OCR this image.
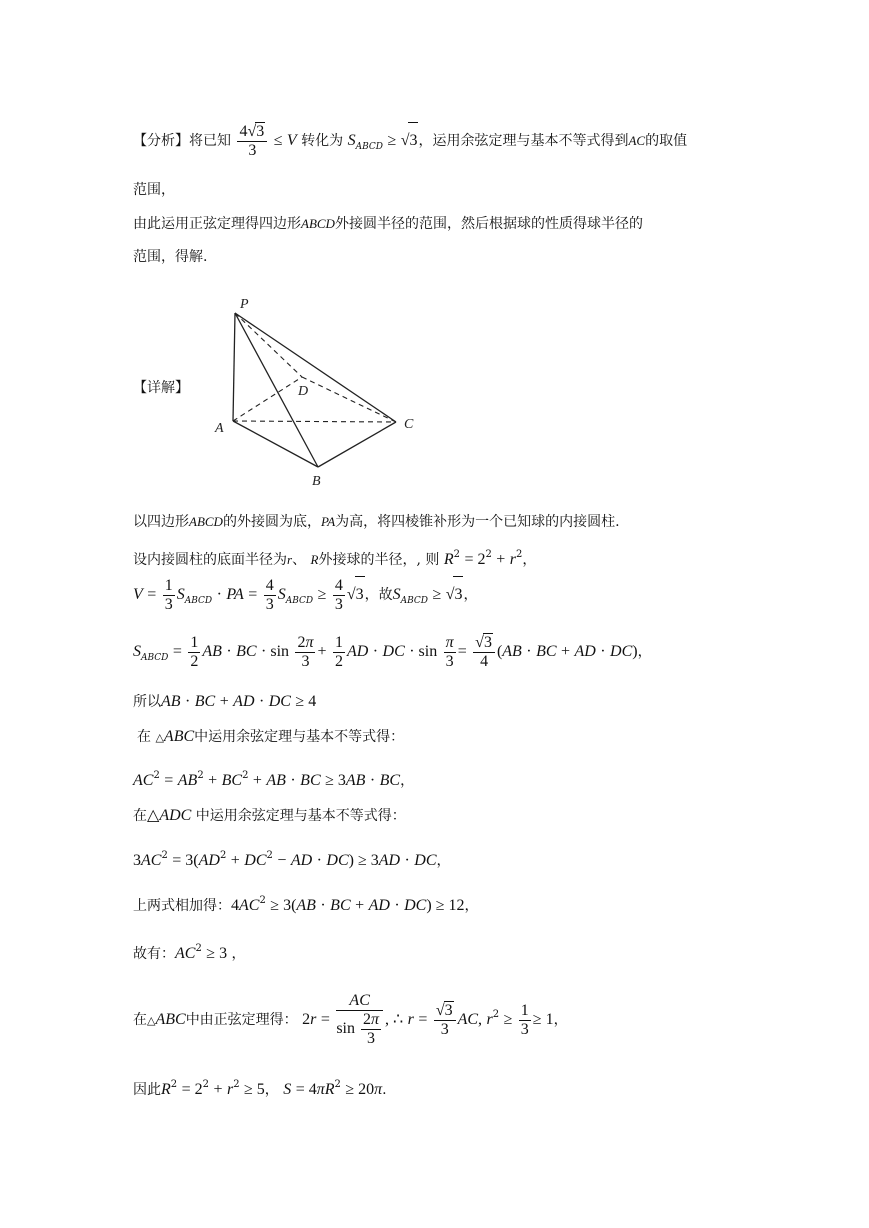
【分析】将已知 $\frac{4√3}{3} \le V$ 转化为 $S_{ABCD} \ge √3$，运用余弦定理与基本不等式得到AC的取值
范围，
由此运用正弦定理得四边形ABCD外接圆半径的范围，然后根据球的性质得球半径的
范围，得解.
【详解】
P
D
A	C
B
以四边形ABCD的外接圆为底，PA为高，将四棱锥补形为一个已知球的内接圆柱.
设内接圆柱的底面半径为r、 R外接球的半径，, 则 $R^2 = 2^2 + r^2$，
$V = \frac{1}{3} S_{ABCD}$ · PA = $\frac{4}{3} S_{ABCD} \ge \frac{4}{3} √3$，故$S_{ABCD} \ge √3$，
$S_{ABCD} = \frac{1}{2}$ AB · BC · $\sin \frac{2\pi}{3} + \frac{1}{2}$ AD · DC · $\sin \frac{\pi}{3} = \frac{√3}{4} (AB$ · BC + AD · DC)，
所以AB · BC + AD · DC ≥ 4
在 △ABC中运用余弦定理与基本不等式得：
$AC^2 = AB^2 + BC^2$ + AB · BC ≥ 3AB · BC，
在△ADC 中运用余弦定理与基本不等式得：
$3AC^2 = 3(AD^2 + DC^2$ − AD · DC) ≥ 3AD · DC，
上两式相加得：$4AC^2 \ge 3(AB$ · BC + AD · DC) ≥ 12，
故有：$AC^2 \ge 3$ ，
在△ABC中由正弦定理得： $2r = \frac{AC}{\sin \frac{2\pi}{3}}$ , ∴ $r = \frac{√3}{3}$ AC, $r^2 \ge \frac{1}{3} \ge 1$，
因此$R^2 = 2^2 + r^2 \ge 5$， $S = 4\pi R^2 \ge 20\pi$.
